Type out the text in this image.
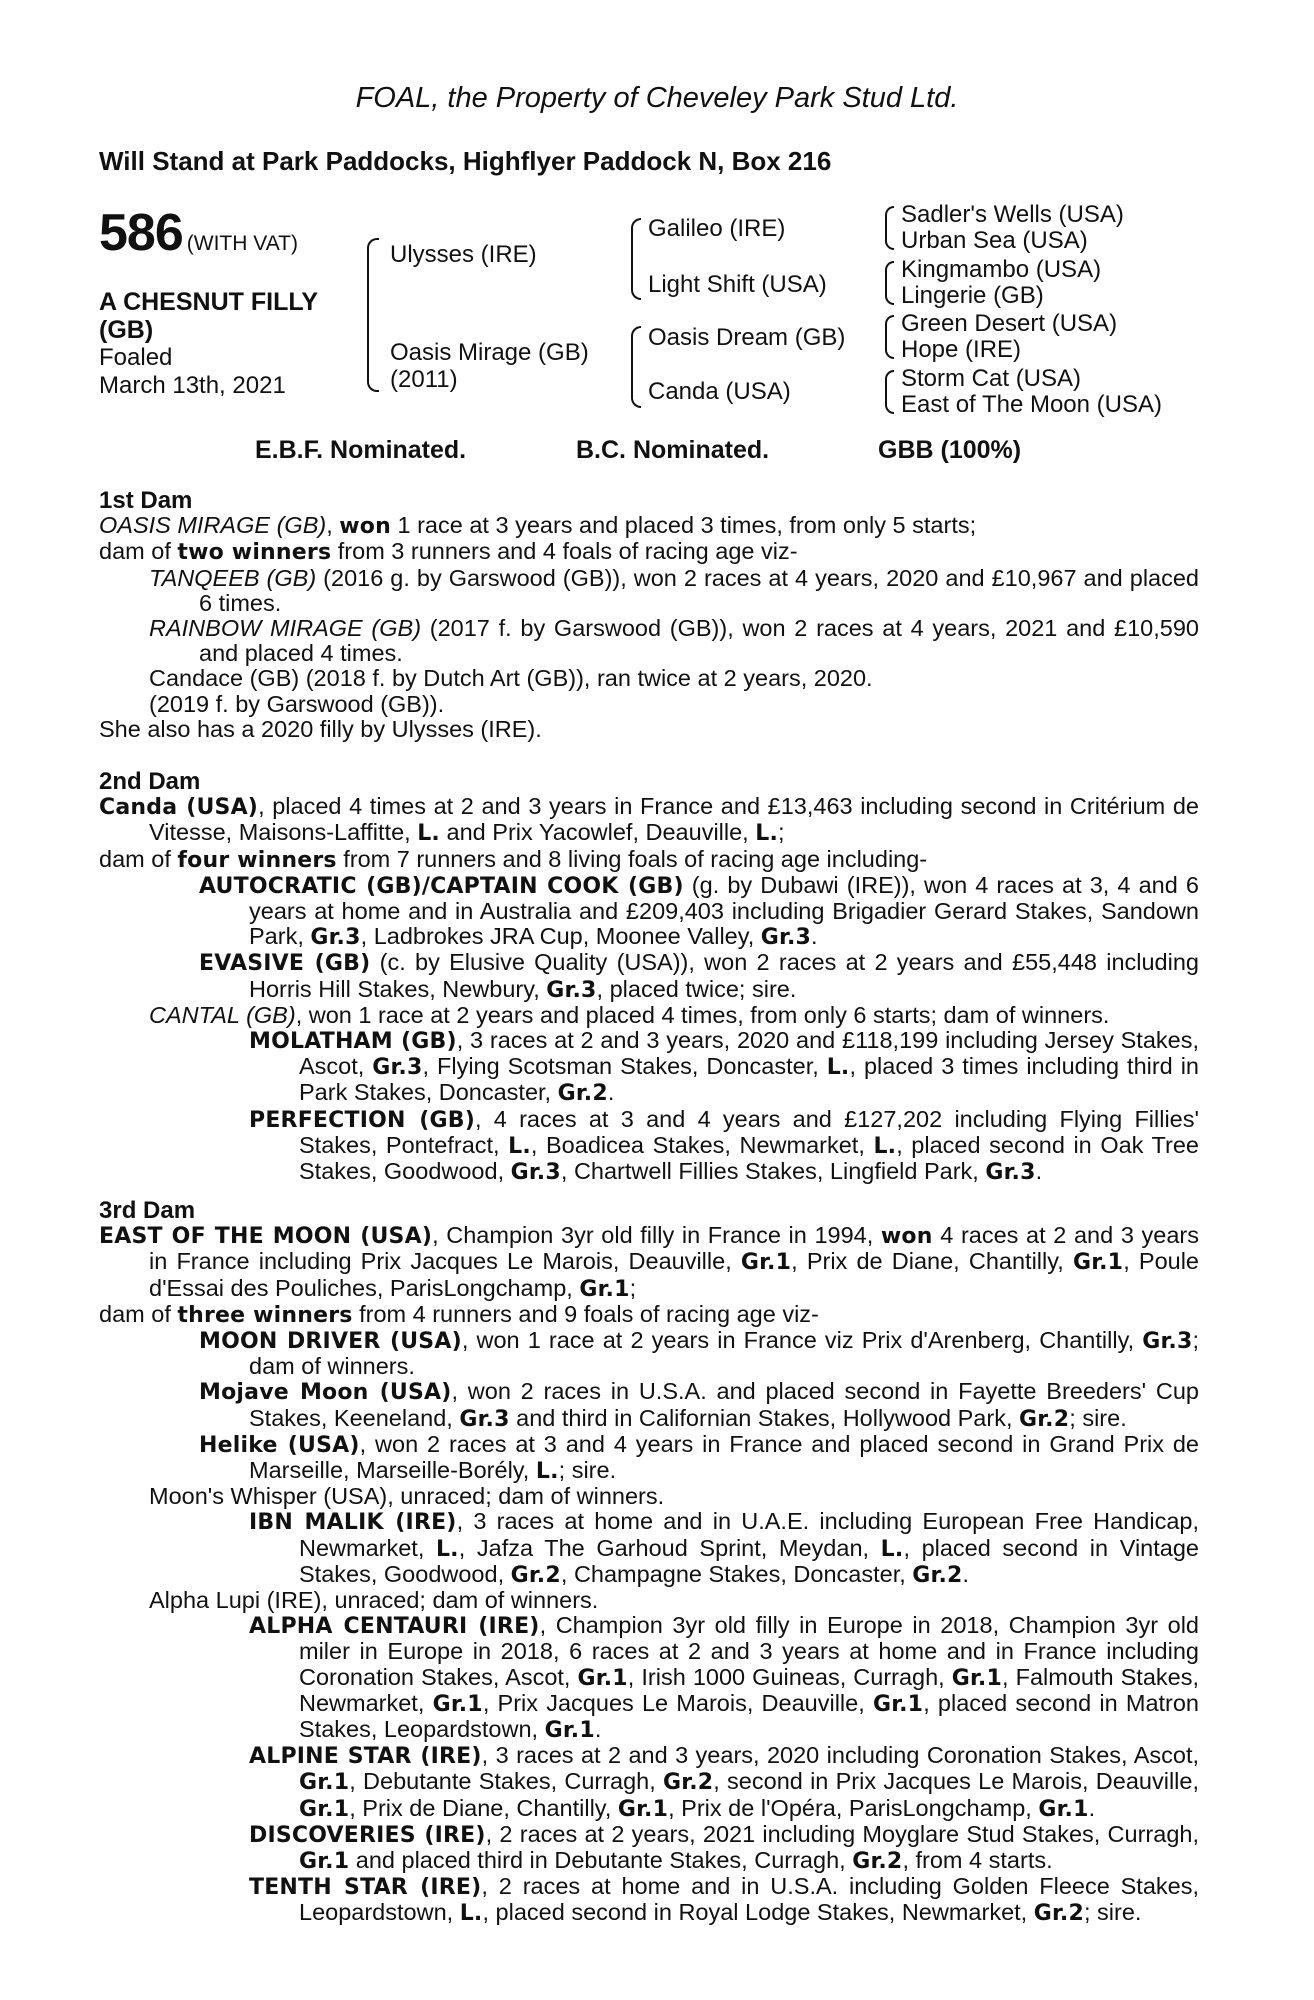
FOAL, the Property of Cheveley Park Stud Ltd.
Will Stand at Park Paddocks, Highflyer Paddock N, Box 216
586 (WITH VAT)
A CHESNUT FILLY
(GB)
Foaled
March 13th, 2021
Ulysses (IRE)
Oasis Mirage (GB)
(2011)
Galileo (IRE)
Light Shift (USA)
Oasis Dream (GB)
Canda (USA)
Sadler's Wells (USA)
Urban Sea (USA)
Kingmambo (USA)
Lingerie (GB)
Green Desert (USA)
Hope (IRE)
Storm Cat (USA)
East of The Moon (USA)
E.B.F. Nominated.	B.C. Nominated.	GBB (100%)
1st Dam

OASIS MIRAGE (GB), won 1 race at 3 years and placed 3 times, from only 5 starts;

dam of two winners from 3 runners and 4 foals of racing age viz-

TANQEEB (GB) (2016 g. by Garswood (GB)), won 2 races at 4 years, 2020 and £10,967 and placed 6 times.

RAINBOW MIRAGE (GB) (2017 f. by Garswood (GB)), won 2 races at 4 years, 2021 and £10,590 and placed 4 times.

Candace (GB) (2018 f. by Dutch Art (GB)), ran twice at 2 years, 2020.

(2019 f. by Garswood (GB)).

She also has a 2020 filly by Ulysses (IRE).

2nd Dam

Canda (USA), placed 4 times at 2 and 3 years in France and £13,463 including second in Critérium de Vitesse, Maisons-Laffitte, L. and Prix Yacowlef, Deauville, L.;

dam of four winners from 7 runners and 8 living foals of racing age including-

AUTOCRATIC (GB)/CAPTAIN COOK (GB) (g. by Dubawi (IRE)), won 4 races at 3, 4 and 6 years at home and in Australia and £209,403 including Brigadier Gerard Stakes, Sandown Park, Gr.3, Ladbrokes JRA Cup, Moonee Valley, Gr.3.

EVASIVE (GB) (c. by Elusive Quality (USA)), won 2 races at 2 years and £55,448 including Horris Hill Stakes, Newbury, Gr.3, placed twice; sire.

CANTAL (GB), won 1 race at 2 years and placed 4 times, from only 6 starts; dam of winners.

MOLATHAM (GB), 3 races at 2 and 3 years, 2020 and £118,199 including Jersey Stakes, Ascot, Gr.3, Flying Scotsman Stakes, Doncaster, L., placed 3 times including third in Park Stakes, Doncaster, Gr.2.

PERFECTION (GB), 4 races at 3 and 4 years and £127,202 including Flying Fillies' Stakes, Pontefract, L., Boadicea Stakes, Newmarket, L., placed second in Oak Tree Stakes, Goodwood, Gr.3, Chartwell Fillies Stakes, Lingfield Park, Gr.3.

3rd Dam

EAST OF THE MOON (USA), Champion 3yr old filly in France in 1994, won 4 races at 2 and 3 years in France including Prix Jacques Le Marois, Deauville, Gr.1, Prix de Diane, Chantilly, Gr.1, Poule d'Essai des Pouliches, ParisLongchamp, Gr.1;

dam of three winners from 4 runners and 9 foals of racing age viz-

MOON DRIVER (USA), won 1 race at 2 years in France viz Prix d'Arenberg, Chantilly, Gr.3; dam of winners.

Mojave Moon (USA), won 2 races in U.S.A. and placed second in Fayette Breeders' Cup Stakes, Keeneland, Gr.3 and third in Californian Stakes, Hollywood Park, Gr.2; sire.

Helike (USA), won 2 races at 3 and 4 years in France and placed second in Grand Prix de Marseille, Marseille-Borély, L.; sire.

Moon's Whisper (USA), unraced; dam of winners.

IBN MALIK (IRE), 3 races at home and in U.A.E. including European Free Handicap, Newmarket, L., Jafza The Garhoud Sprint, Meydan, L., placed second in Vintage Stakes, Goodwood, Gr.2, Champagne Stakes, Doncaster, Gr.2.

Alpha Lupi (IRE), unraced; dam of winners.

ALPHA CENTAURI (IRE), Champion 3yr old filly in Europe in 2018, Champion 3yr old miler in Europe in 2018, 6 races at 2 and 3 years at home and in France including Coronation Stakes, Ascot, Gr.1, Irish 1000 Guineas, Curragh, Gr.1, Falmouth Stakes, Newmarket, Gr.1, Prix Jacques Le Marois, Deauville, Gr.1, placed second in Matron Stakes, Leopardstown, Gr.1.

ALPINE STAR (IRE), 3 races at 2 and 3 years, 2020 including Coronation Stakes, Ascot, Gr.1, Debutante Stakes, Curragh, Gr.2, second in Prix Jacques Le Marois, Deauville, Gr.1, Prix de Diane, Chantilly, Gr.1, Prix de l'Opéra, ParisLongchamp, Gr.1.

DISCOVERIES (IRE), 2 races at 2 years, 2021 including Moyglare Stud Stakes, Curragh, Gr.1 and placed third in Debutante Stakes, Curragh, Gr.2, from 4 starts.

TENTH STAR (IRE), 2 races at home and in U.S.A. including Golden Fleece Stakes, Leopardstown, L., placed second in Royal Lodge Stakes, Newmarket, Gr.2; sire.
